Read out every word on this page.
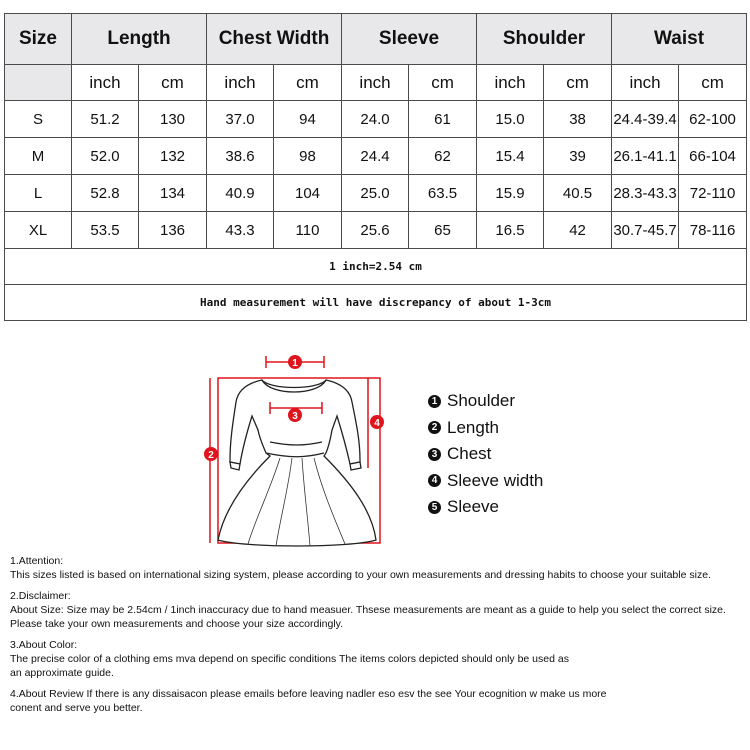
Size	Length		Chest Width		Sleeve		Shoulder		Waist	
	inch	cm	inch	cm	inch	cm	inch	cm	inch	cm
S	51.2	130	37.0	94	24.0	61	15.0	38	24.4-39.4	62-100
M	52.0	132	38.6	98	24.4	62	15.4	39	26.1-41.1	66-104
L	52.8	134	40.9	104	25.0	63.5	15.9	40.5	28.3-43.3	72-110
XL	53.5	136	43.3	110	25.6	65	16.5	42	30.7-45.7	78-116
1 inch=2.54 cm										
Hand measurement will have discrepancy of about 1-3cm										
1
2
3
4
1 Shoulder
2 Length
3 Chest
4 Sleeve width
5 Sleeve

1.Attention:

This sizes listed is based on international sizing system, please according to your own measurements and dressing habits to choose your suitable size.

2.Disclaimer:

About Size: Size may be 2.54cm / 1inch inaccuracy due to hand measuer. Thsese measurements are meant as a guide to help you select the correct size.

Please take your own measurements and choose your size accordingly.

3.About Color:

The precise color of a clothing ems mva depend on specific conditions The items colors depicted should only be used as

an approximate guide.

4.About Review If there is any dissaisacon please emails before leaving nadler eso esv the see Your ecognition w make us more

conent and serve you better.
